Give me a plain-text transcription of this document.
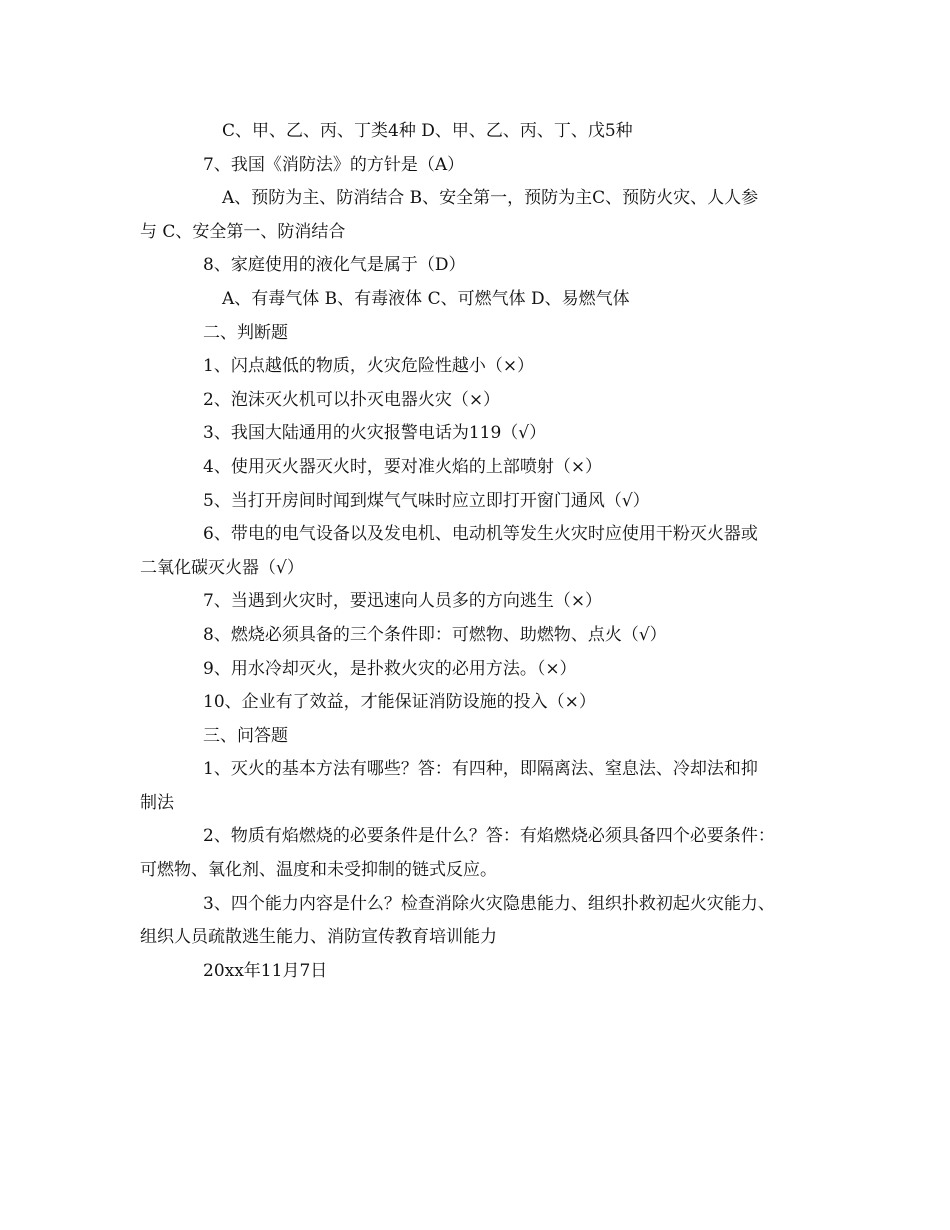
C、甲、乙、丙、丁类4种 D、甲、乙、丙、丁、戊5种
7、我国《消防法》的方针是（A）
A、预防为主、防消结合 B、安全第一，预防为主C、预防火灾、人人参
与 C、安全第一、防消结合
8、家庭使用的液化气是属于（D）
A、有毒气体 B、有毒液体 C、可燃气体 D、易燃气体
二、判断题
1、闪点越低的物质，火灾危险性越小（×）
2、泡沫灭火机可以扑灭电器火灾（×）
3、我国大陆通用的火灾报警电话为119（√）
4、使用灭火器灭火时，要对准火焰的上部喷射（×）
5、当打开房间时闻到煤气气味时应立即打开窗门通风（√）
6、带电的电气设备以及发电机、电动机等发生火灾时应使用干粉灭火器或
二氧化碳灭火器（√）
7、当遇到火灾时，要迅速向人员多的方向逃生（×）
8、燃烧必须具备的三个条件即：可燃物、助燃物、点火（√）
9、用水冷却灭火，是扑救火灾的必用方法。（×）
10、企业有了效益，才能保证消防设施的投入（×）
三、问答题
1、灭火的基本方法有哪些？答：有四种，即隔离法、窒息法、冷却法和抑
制法
2、物质有焰燃烧的必要条件是什么？答：有焰燃烧必须具备四个必要条件：
可燃物、氧化剂、温度和未受抑制的链式反应。
3、四个能力内容是什么？检查消除火灾隐患能力、组织扑救初起火灾能力、
组织人员疏散逃生能力、消防宣传教育培训能力
20xx年11月7日
